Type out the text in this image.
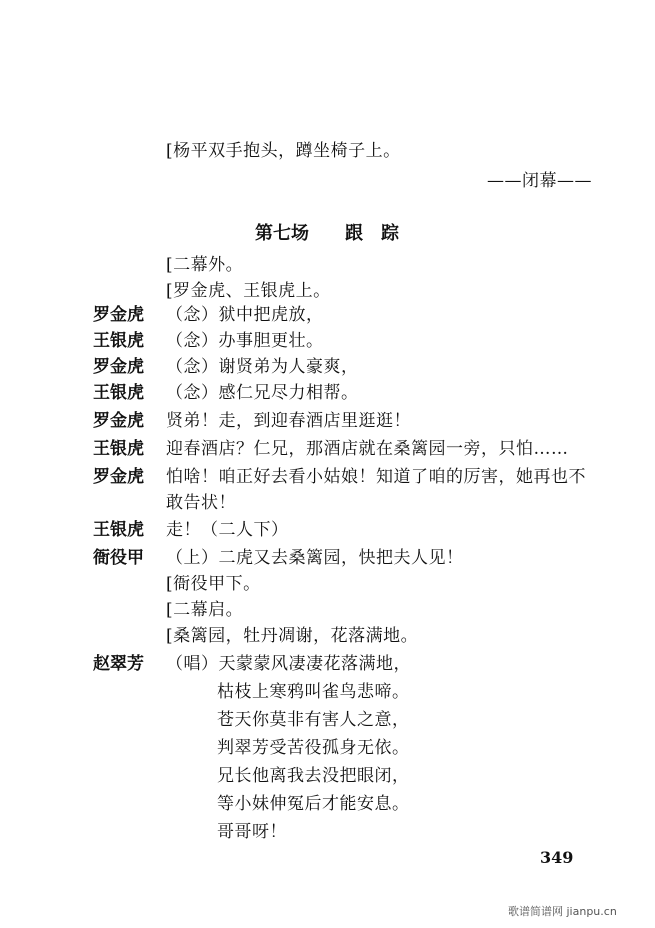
[杨平双手抱头，蹲坐椅子上。
——闭幕——
第七场　　跟　踪
[二幕外。
[罗金虎、王银虎上。
罗金虎 （念）狱中把虎放，
王银虎 （念）办事胆更壮。
罗金虎 （念）谢贤弟为人豪爽，
王银虎 （念）感仁兄尽力相帮。
罗金虎 贤弟！走，到迎春酒店里逛逛！
王银虎 迎春酒店？仁兄，那酒店就在桑篱园一旁，只怕……
罗金虎 怕啥！咱正好去看小姑娘！知道了咱的厉害，她再也不
敢告状！
王银虎 走！（二人下）
衙役甲 （上）二虎又去桑篱园，快把夫人见！
[衙役甲下。
[二幕启。
[桑篱园，牡丹凋谢，花落满地。
赵翠芳 （唱）天蒙蒙风凄凄花落满地，
枯枝上寒鸦叫雀鸟悲啼。
苍天你莫非有害人之意，
判翠芳受苦役孤身无依。
兄长他离我去没把眼闭，
等小妹伸冤后才能安息。
哥哥呀！
349
歌谱简谱网 jianpu.cn
